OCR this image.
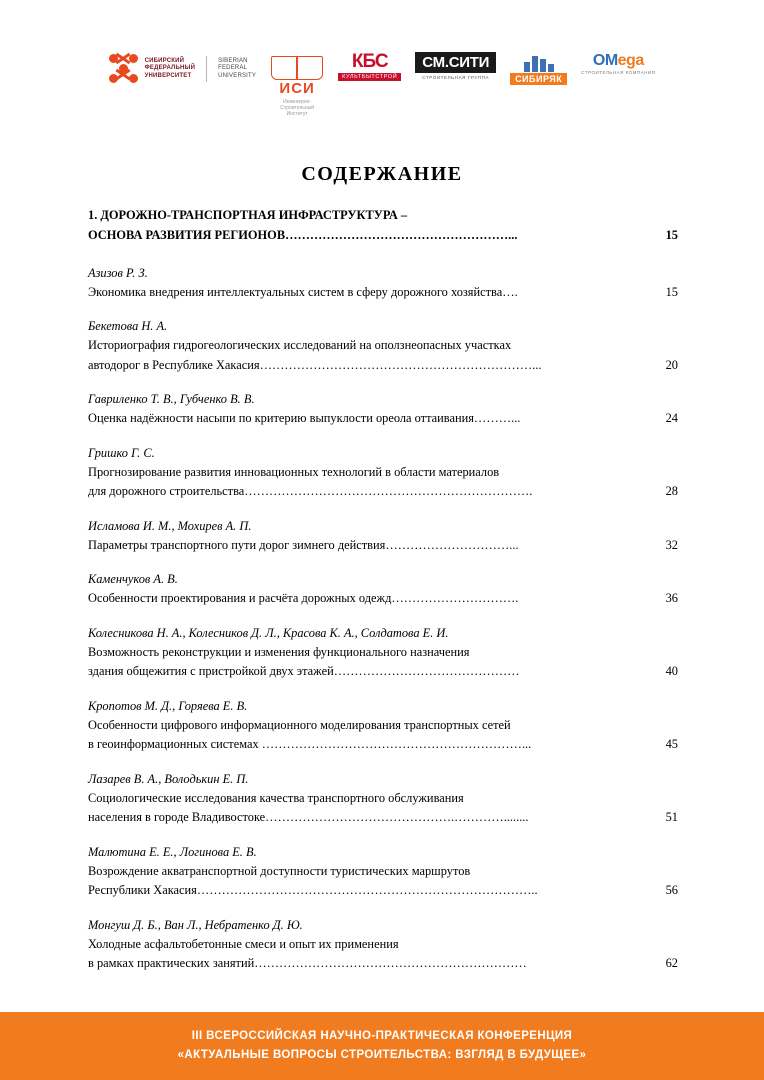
СИБИРСКИЙ
ФЕДЕРАЛЬНЫЙ
УНИВЕРСИТЕТ
SIBERIAN
FEDERAL
UNIVERSITY
ИСИ
Инженерно-
Строительный
Институт
КБС
КУЛЬТБЫТСТРОЙ
СМ.СИТИ
СТРОИТЕЛЬНАЯ ГРУППА	СИБИРЯК
ОМega
СТРОИТЕЛЬНАЯ КОМПАНИЯ
СОДЕРЖАНИЕ
1. ДОРОЖНО-ТРАНСПОРТНАЯ ИНФРАСТРУКТУРА –
ОСНОВА РАЗВИТИЯ РЕГИОНОВ………………………………………………...	15
Азизов Р. З.
Экономика внедрения интеллектуальных систем в сферу дорожного хозяйства….	15
Бекетова Н. А.
Историография гидрогеологических исследований на оползнеопасных участках
автодорог в Республике Хакасия…………………………………………………………...	20
Гавриленко Т. В., Губченко В. В.
Оценка надёжности насыпи по критерию выпуклости ореола оттаивания………...	24
Гришко Г. С.
Прогнозирование развития инновационных технологий в области материалов
для дорожного строительства…………………………………………………………….	28
Исламова И. М., Мохирев А. П.
Параметры транспортного пути дорог зимнего действия…………………………...	32
Каменчуков А. В.
Особенности проектирования и расчёта дорожных одежд………………………….	36
Колесникова Н. А., Колесников Д. Л., Красова К. А., Солдатова Е. И.
Возможность реконструкции и изменения функционального назначения
здания общежития с пристройкой двух этажей………………………………………	40
Кропотов М. Д., Горяева Е. В.
Особенности цифрового информационного моделирования транспортных сетей
в геоинформационных системах ………………………………………………………...	45
Лазарев В. А., Володькин Е. П.
Социологические исследования качества транспортного обслуживания
населения в городе Владивостоке……………………………………….…………........	51
Малютина Е. Е., Логинова Е. В.
Возрождение акватранспортной доступности туристических маршрутов
Республики Хакасия………………………………………………………………………..	56
Монгуш Д. Б., Ван Л., Небратенко Д. Ю.
Холодные асфальтобетонные смеси и опыт их применения
в рамках практических занятий…………………………………………………………	62
III ВСЕРОССИЙСКАЯ НАУЧНО-ПРАКТИЧЕСКАЯ КОНФЕРЕНЦИЯ
«АКТУАЛЬНЫЕ ВОПРОСЫ СТРОИТЕЛЬСТВА: ВЗГЛЯД В БУДУЩЕЕ»
